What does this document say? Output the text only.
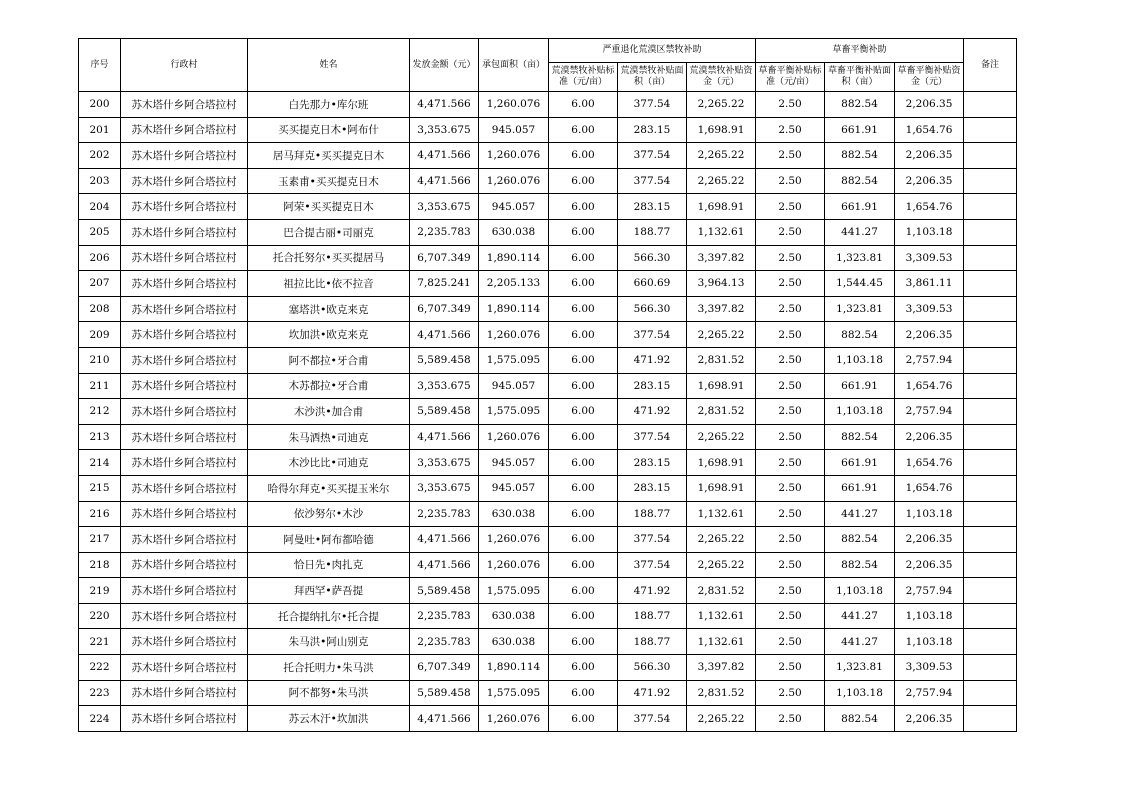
序号	行政村	姓名	发放金额（元）	承包面积（亩）	严重退化荒漠区禁牧补助			草畜平衡补助			备注
					荒漠禁牧补贴标准（元/亩）	荒漠禁牧补贴面积（亩）	荒漠禁牧补贴资金（元）	草畜平衡补贴标准（元/亩）	草畜平衡补贴面积（亩）	草畜平衡补贴资金（元）	
200	苏木塔什乡阿合塔拉村	白先那力•库尔班	4,471.566	1,260.076	6.00	377.54	2,265.22	2.50	882.54	2,206.35	
201	苏木塔什乡阿合塔拉村	买买提克日木•阿布什	3,353.675	945.057	6.00	283.15	1,698.91	2.50	661.91	1,654.76	
202	苏木塔什乡阿合塔拉村	居马拜克•买买提克日木	4,471.566	1,260.076	6.00	377.54	2,265.22	2.50	882.54	2,206.35	
203	苏木塔什乡阿合塔拉村	玉素甫•买买提克日木	4,471.566	1,260.076	6.00	377.54	2,265.22	2.50	882.54	2,206.35	
204	苏木塔什乡阿合塔拉村	阿荣•买买提克日木	3,353.675	945.057	6.00	283.15	1,698.91	2.50	661.91	1,654.76	
205	苏木塔什乡阿合塔拉村	巴合提古丽•司丽克	2,235.783	630.038	6.00	188.77	1,132.61	2.50	441.27	1,103.18	
206	苏木塔什乡阿合塔拉村	托合托努尔•买买提居马	6,707.349	1,890.114	6.00	566.30	3,397.82	2.50	1,323.81	3,309.53	
207	苏木塔什乡阿合塔拉村	祖拉比比•依不拉音	7,825.241	2,205.133	6.00	660.69	3,964.13	2.50	1,544.45	3,861.11	
208	苏木塔什乡阿合塔拉村	塞塔洪•欧克来克	6,707.349	1,890.114	6.00	566.30	3,397.82	2.50	1,323.81	3,309.53	
209	苏木塔什乡阿合塔拉村	坎加洪•欧克来克	4,471.566	1,260.076	6.00	377.54	2,265.22	2.50	882.54	2,206.35	
210	苏木塔什乡阿合塔拉村	阿不都拉•牙合甫	5,589.458	1,575.095	6.00	471.92	2,831.52	2.50	1,103.18	2,757.94	
211	苏木塔什乡阿合塔拉村	木苏都拉•牙合甫	3,353.675	945.057	6.00	283.15	1,698.91	2.50	661.91	1,654.76	
212	苏木塔什乡阿合塔拉村	木沙洪•加合甫	5,589.458	1,575.095	6.00	471.92	2,831.52	2.50	1,103.18	2,757.94	
213	苏木塔什乡阿合塔拉村	朱马洒热•司迪克	4,471.566	1,260.076	6.00	377.54	2,265.22	2.50	882.54	2,206.35	
214	苏木塔什乡阿合塔拉村	木沙比比•司迪克	3,353.675	945.057	6.00	283.15	1,698.91	2.50	661.91	1,654.76	
215	苏木塔什乡阿合塔拉村	哈得尔拜克•买买提玉米尔	3,353.675	945.057	6.00	283.15	1,698.91	2.50	661.91	1,654.76	
216	苏木塔什乡阿合塔拉村	依沙努尔•木沙	2,235.783	630.038	6.00	188.77	1,132.61	2.50	441.27	1,103.18	
217	苏木塔什乡阿合塔拉村	阿曼吐•阿布都哈德	4,471.566	1,260.076	6.00	377.54	2,265.22	2.50	882.54	2,206.35	
218	苏木塔什乡阿合塔拉村	恰日先•肉扎克	4,471.566	1,260.076	6.00	377.54	2,265.22	2.50	882.54	2,206.35	
219	苏木塔什乡阿合塔拉村	拜西罕•萨吾提	5,589.458	1,575.095	6.00	471.92	2,831.52	2.50	1,103.18	2,757.94	
220	苏木塔什乡阿合塔拉村	托合提纳扎尔•托合提	2,235.783	630.038	6.00	188.77	1,132.61	2.50	441.27	1,103.18	
221	苏木塔什乡阿合塔拉村	朱马洪•阿山别克	2,235.783	630.038	6.00	188.77	1,132.61	2.50	441.27	1,103.18	
222	苏木塔什乡阿合塔拉村	托合托明力•朱马洪	6,707.349	1,890.114	6.00	566.30	3,397.82	2.50	1,323.81	3,309.53	
223	苏木塔什乡阿合塔拉村	阿不都努•朱马洪	5,589.458	1,575.095	6.00	471.92	2,831.52	2.50	1,103.18	2,757.94	
224	苏木塔什乡阿合塔拉村	苏云木汗•坎加洪	4,471.566	1,260.076	6.00	377.54	2,265.22	2.50	882.54	2,206.35	
